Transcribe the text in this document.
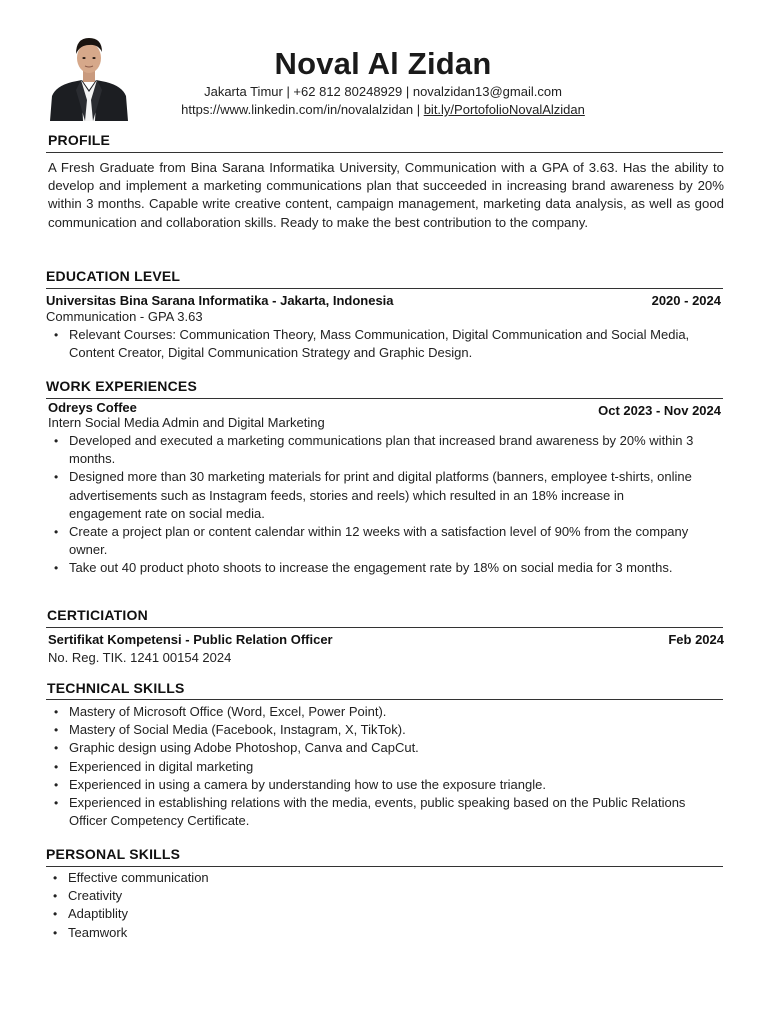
Noval Al Zidan
Jakarta Timur | +62 812 80248929 | novalzidan13@gmail.com
https://www.linkedin.com/in/novalalzidan | bit.ly/PortofolioNovalAlzidan
PROFILE
A Fresh Graduate from Bina Sarana Informatika University, Communication with a GPA of 3.63. Has the ability to develop and implement a marketing communications plan that succeeded in increasing brand awareness by 20% within 3 months. Capable write creative content, campaign management, marketing data analysis, as well as good communication and collaboration skills. Ready to make the best contribution to the company.
EDUCATION LEVEL
Universitas Bina Sarana Informatika - Jakarta, Indonesia	2020 - 2024
Communication - GPA 3.63
• Relevant Courses: Communication Theory, Mass Communication, Digital Communication and Social Media, Content Creator, Digital Communication Strategy and Graphic Design.
WORK EXPERIENCES
Odreys Coffee	Oct 2023 - Nov 2024
Intern Social Media Admin and Digital Marketing
• Developed and executed a marketing communications plan that increased brand awareness by 20% within 3 months.
• Designed more than 30 marketing materials for print and digital platforms (banners, employee t-shirts, online advertisements such as Instagram feeds, stories and reels) which resulted in an 18% increase in engagement rate on social media.
• Create a project plan or content calendar within 12 weeks with a satisfaction level of 90% from the company owner.
• Take out 40 product photo shoots to increase the engagement rate by 18% on social media for 3 months.
CERTICIATION
Sertifikat Kompetensi - Public Relation Officer	Feb 2024
No. Reg. TIK. 1241 00154 2024
TECHNICAL SKILLS
• Mastery of Microsoft Office (Word, Excel, Power Point).
• Mastery of Social Media (Facebook, Instagram, X, TikTok).
• Graphic design using Adobe Photoshop, Canva and CapCut.
• Experienced in digital marketing
• Experienced in using a camera by understanding how to use the exposure triangle.
• Experienced in establishing relations with the media, events, public speaking based on the Public Relations Officer Competency Certificate.
PERSONAL SKILLS
• Effective communication
• Creativity
• Adaptiblity
• Teamwork
